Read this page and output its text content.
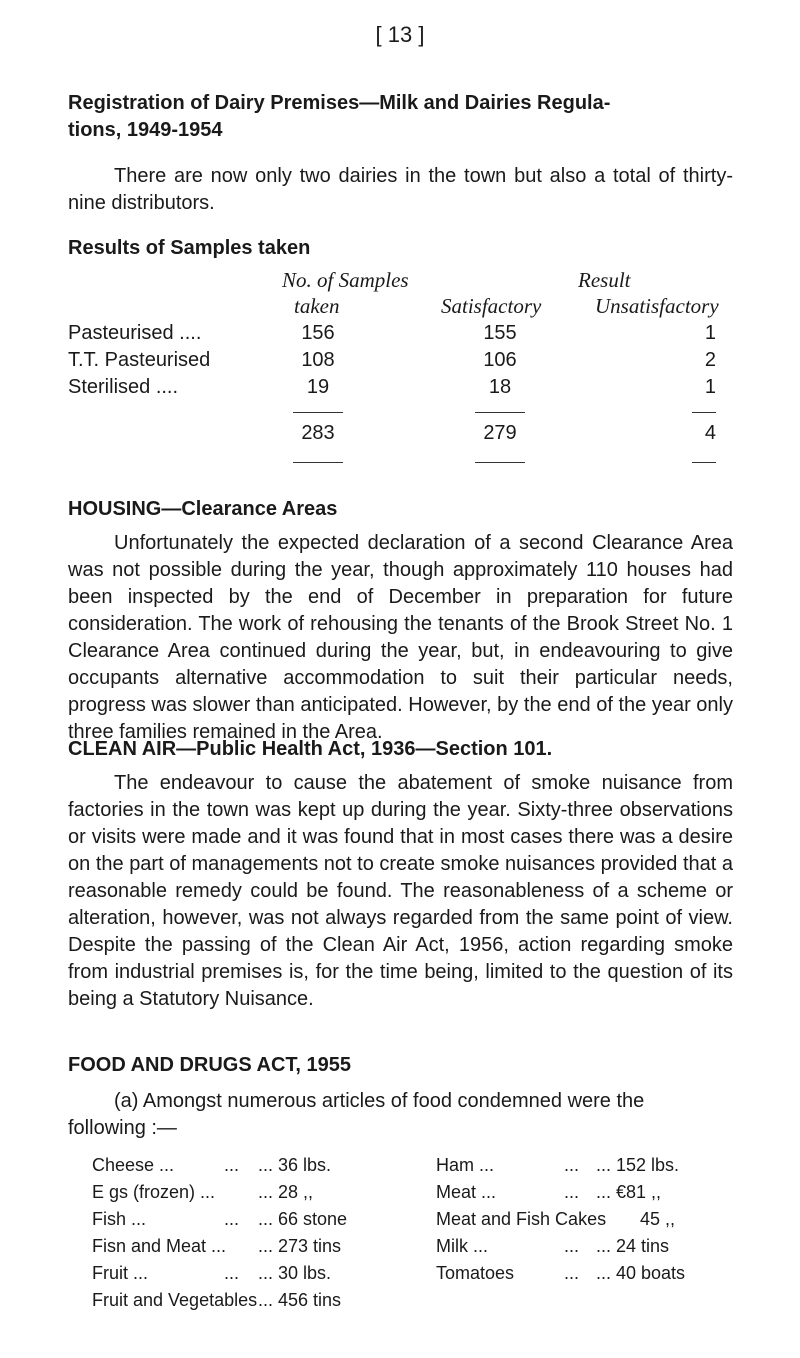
[ 13 ]
Registration of Dairy Premises—Milk and Dairies Regula-
tions, 1949-1954
There are now only two dairies in the town but also a total of thirty-nine distributors.
Results of Samples taken
No. of Samples	Result
taken	Satisfactory	Unsatisfactory
Pasteurised ....	156	155	1
T.T. Pasteurised	108	106	2
Sterilised ....	19	18	1
283	279	4
HOUSING—Clearance Areas
Unfortunately the expected declaration of a second Clearance Area was not possible during the year, though approximately 110 houses had been inspected by the end of December in preparation for future consideration. The work of rehousing the tenants of the Brook Street No. 1 Clearance Area continued during the year, but, in endeavouring to give occupants alternative accommodation to suit their particular needs, progress was slower than anticipated. However, by the end of the year only three families remained in the Area.
CLEAN AIR—Public Health Act, 1936—Section 101.
The endeavour to cause the abatement of smoke nuisance from factories in the town was kept up during the year. Sixty-three observations or visits were made and it was found that in most cases there was a desire on the part of managements not to create smoke nuisances provided that a reasonable remedy could be found. The reasonableness of a scheme or alteration, however, was not always regarded from the same point of view. Despite the passing of the Clean Air Act, 1956, action regarding smoke from industrial premises is, for the time being, limited to the question of its being a Statutory Nuisance.
FOOD AND DRUGS ACT, 1955
(a) Amongst numerous articles of food condemned were the
following :—
Cheese ...	... ... 36 lbs.
E gs (frozen) ... ... 28 ,,
Fish ...	... ... 66 stone
Fisn and Meat ... ... 273 tins
Fruit ...	... ... 30 lbs.
Fruit and Vegetables ... 456 tins
Ham ...	... ... 152 lbs.
Meat ...	... ... €81 ,,
Meat and Fish Cakes 45 ,,
Milk ...	... ... 24 tins
Tomatoes	... ... 40 boats
